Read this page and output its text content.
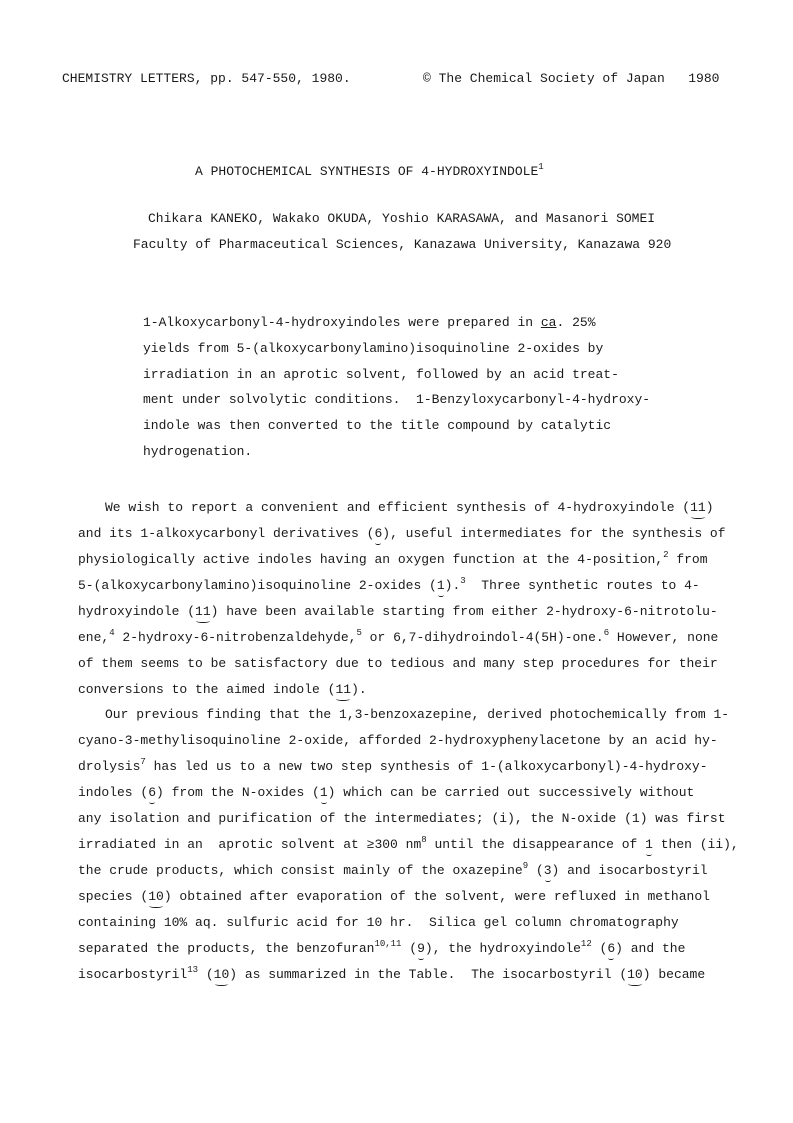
CHEMISTRY LETTERS, pp. 547-550, 1980.	© The Chemical Society of Japan 1980
A PHOTOCHEMICAL SYNTHESIS OF 4-HYDROXYINDOLE$^1$
Chikara KANEKO, Wakako OKUDA, Yoshio KARASAWA, and Masanori SOMEI
Faculty of Pharmaceutical Sciences, Kanazawa University, Kanazawa 920
1-Alkoxycarbonyl-4-hydroxyindoles were prepared in ca. 25%
yields from 5-(alkoxycarbonylamino)isoquinoline 2-oxides by
irradiation in an aprotic solvent, followed by an acid treat-
ment under solvolytic conditions.  1-Benzyloxycarbonyl-4-hydroxy-
indole was then converted to the title compound by catalytic
hydrogenation.
We wish to report a convenient and efficient synthesis of 4-hydroxyindole (11)
and its 1-alkoxycarbonyl derivatives (6), useful intermediates for the synthesis of
physiologically active indoles having an oxygen function at the 4-position,$^2$ from
5-(alkoxycarbonylamino)isoquinoline 2-oxides (1).$^3$  Three synthetic routes to 4-
hydroxyindole (11) have been available starting from either 2-hydroxy-6-nitrotolu-
ene,$^4$ 2-hydroxy-6-nitrobenzaldehyde,$^5$ or 6,7-dihydroindol-4(5H)-one.$^6$ However, none
of them seems to be satisfactory due to tedious and many step procedures for their
conversions to the aimed indole (11).
Our previous finding that the 1,3-benzoxazepine, derived photochemically from 1-
cyano-3-methylisoquinoline 2-oxide, afforded 2-hydroxyphenylacetone by an acid hy-
drolysis$^7$ has led us to a new two step synthesis of 1-(alkoxycarbonyl)-4-hydroxy-
indoles (6) from the N-oxides (1) which can be carried out successively without
any isolation and purification of the intermediates; (i), the N-oxide (1) was first
irradiated in an  aprotic solvent at ≥300 $nm^8$ until the disappearance of 1 then (ii),
the crude products, which consist mainly of the oxazepine$^9$ (3) and isocarbostyril
species (10) obtained after evaporation of the solvent, were refluxed in methanol
containing 10% aq. sulfuric acid for 10 hr.  Silica gel column chromatography
separated the products, the benzofuran$^{10,11}$ (9), the hydroxyindole$^{12}$ (6) and the
isocarbostyril$^{13}$ (10) as summarized in the Table.  The isocarbostyril (10) became
